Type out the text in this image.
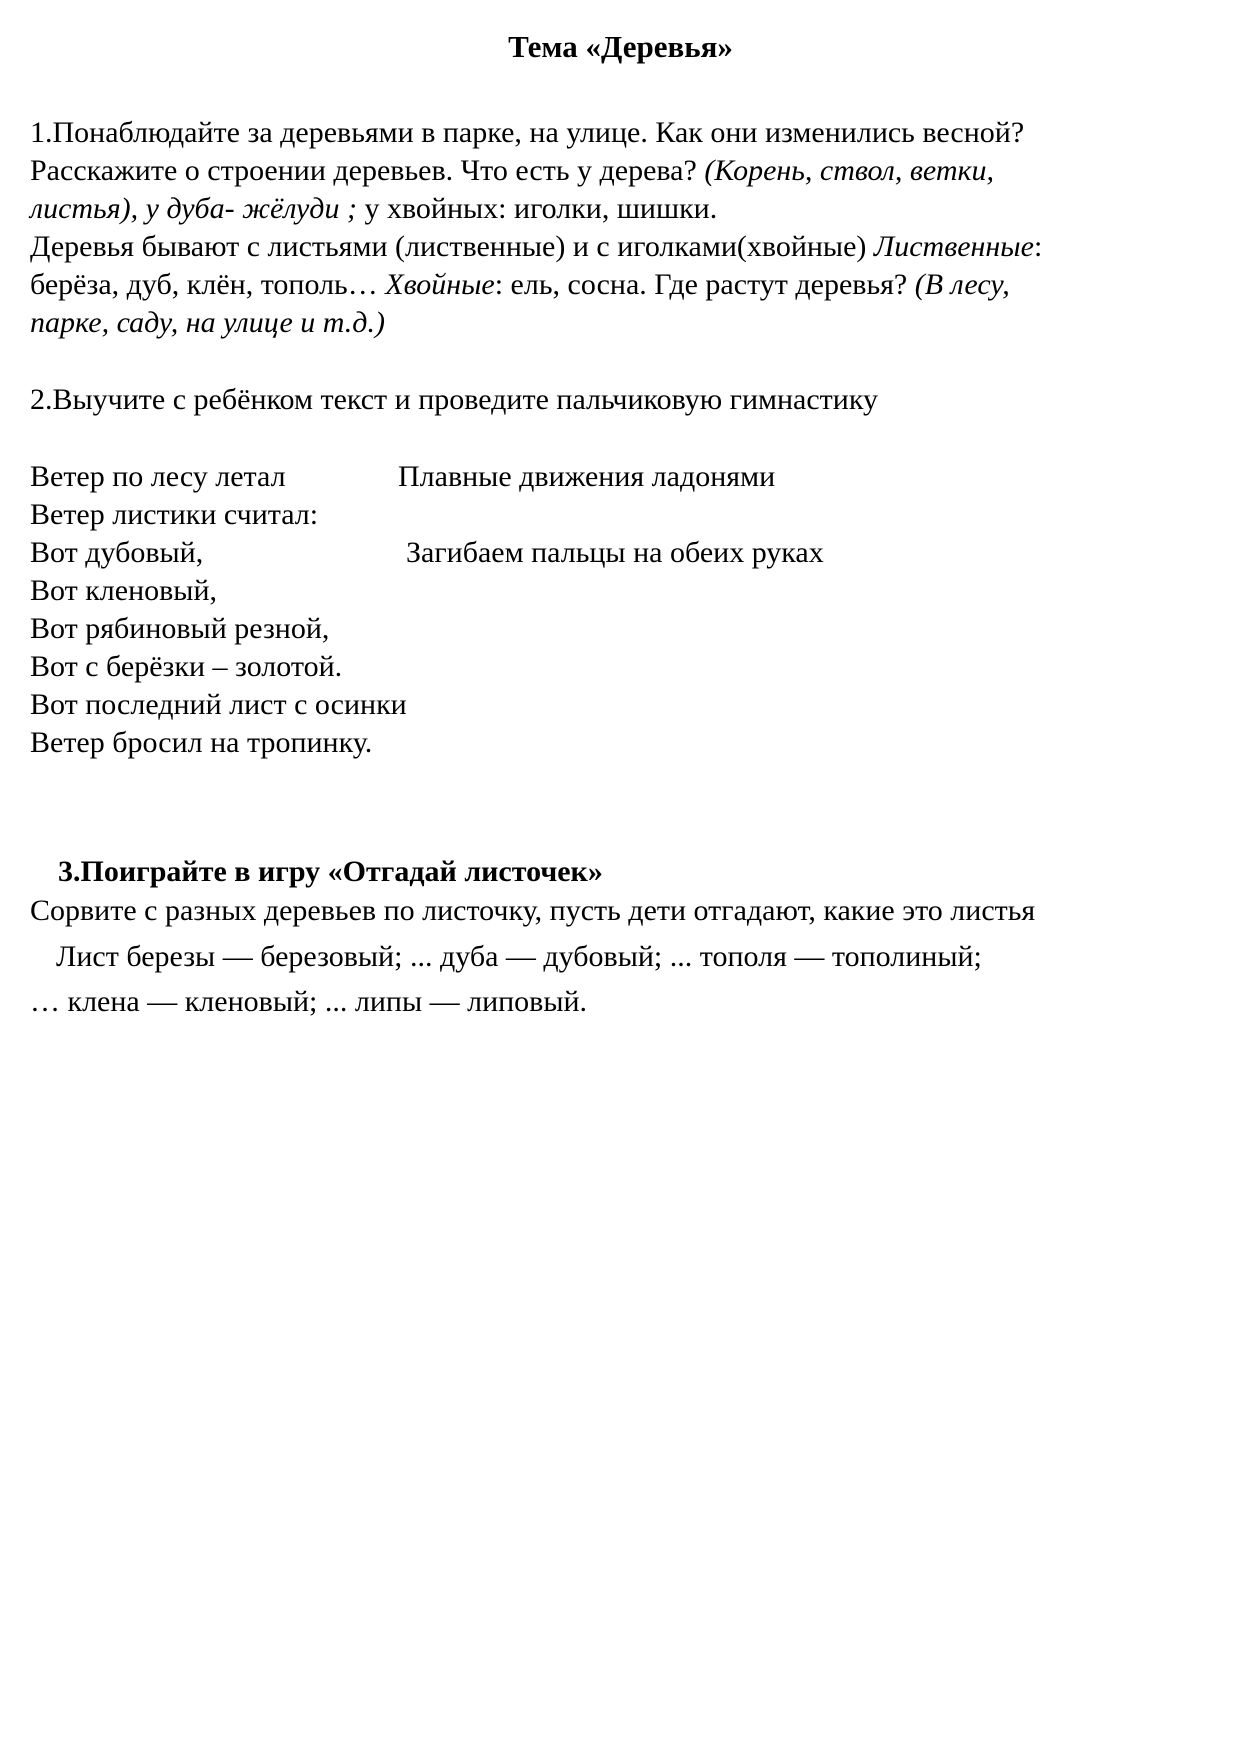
Тема «Деревья»
1.Понаблюдайте за деревьями в парке, на улице. Как они изменились весной?
Расскажите о строении деревьев. Что есть у дерева? (Корень, ствол, ветки,
листья), у дуба- жёлуди ; у хвойных: иголки, шишки.
Деревья бывают с листьями (лиственные) и с иголками(хвойные) Лиственные:
берёза, дуб, клён, тополь… Хвойные: ель, сосна. Где растут деревья? (В лесу,
парке, саду, на улице и т.д.)
2.Выучите с ребёнком текст и проведите пальчиковую гимнастику
Ветер по лесу летал
Ветер листики считал:
Вот дубовый,
Вот кленовый,
Вот рябиновый резной,
Вот с берёзки – золотой.
Вот последний лист с осинки
Ветер бросил на тропинку.
Плавные движения ладонями
Загибаем пальцы на обеих руках
3.Поиграйте в игру «Отгадай листочек»
Сорвите с разных деревьев по листочку, пусть дети отгадают, какие это листья
Лист березы — березовый; ... дуба — дубовый; ... тополя — тополиный;
… клена — кленовый; ... липы — липовый.
